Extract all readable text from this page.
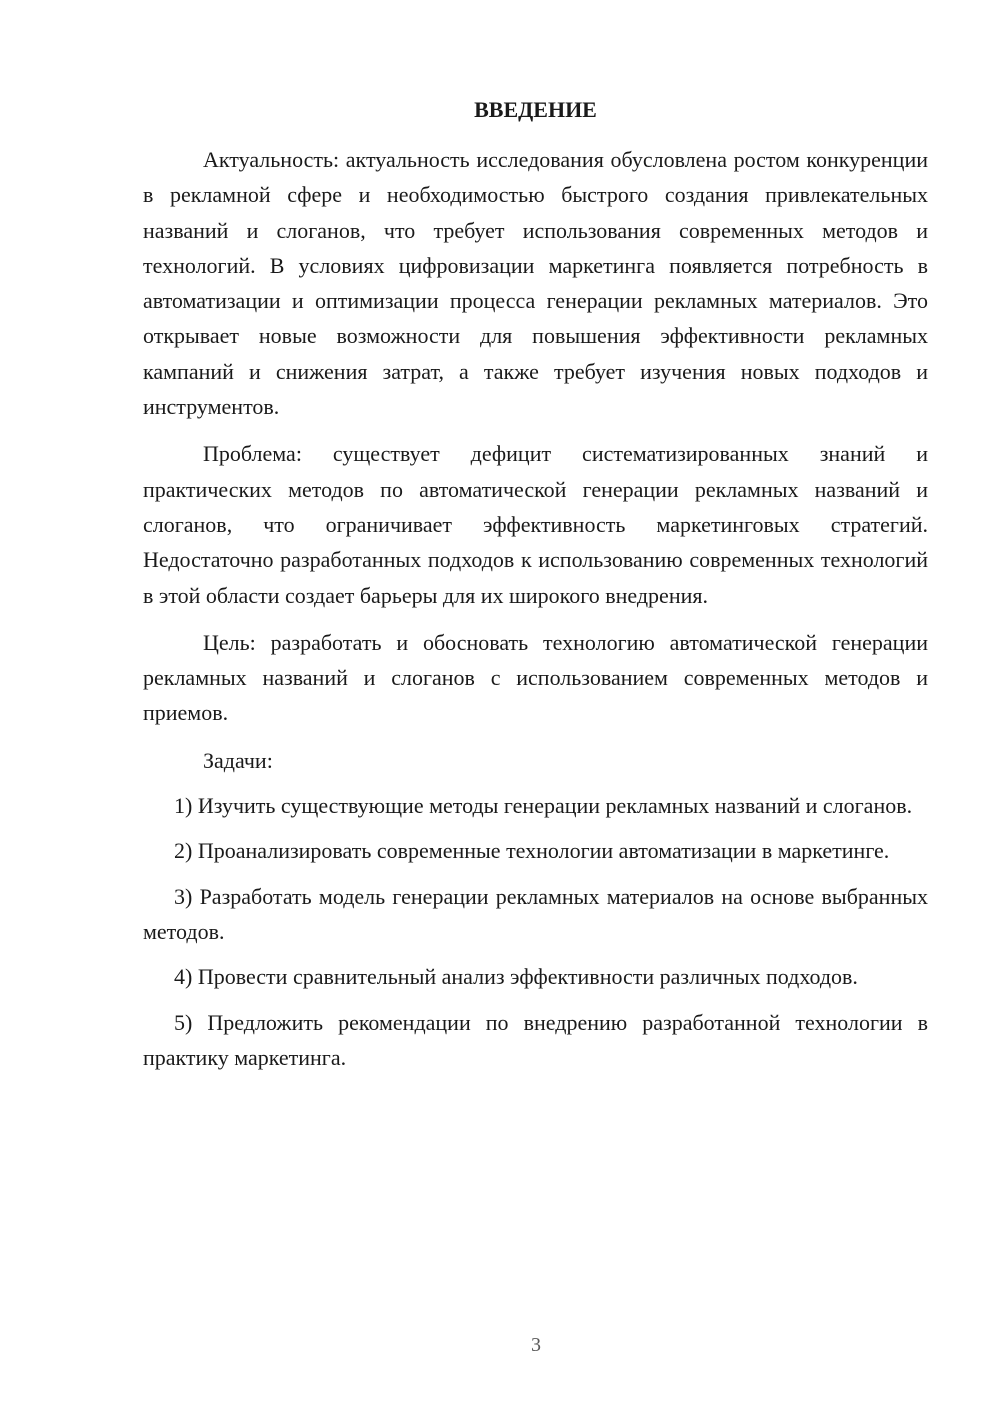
ВВЕДЕНИЕ

Актуальность: актуальность исследования обусловлена ростом конкуренции в рекламной сфере и необходимостью быстрого создания привлекательных названий и слоганов, что требует использования современных методов и технологий. В условиях цифровизации маркетинга появляется потребность в автоматизации и оптимизации процесса генерации рекламных материалов. Это открывает новые возможности для повышения эффективности рекламных кампаний и снижения затрат, а также требует изучения новых подходов и инструментов.

Проблема: существует дефицит систематизированных знаний и практических методов по автоматической генерации рекламных названий и слоганов, что ограничивает эффективность маркетинговых стратегий. Недостаточно разработанных подходов к использованию современных технологий в этой области создает барьеры для их широкого внедрения.

Цель: разработать и обосновать технологию автоматической генерации рекламных названий и слоганов с использованием современных методов и приемов.

Задачи:

1) Изучить существующие методы генерации рекламных названий и слоганов.

2) Проанализировать современные технологии автоматизации в маркетинге.

3) Разработать модель генерации рекламных материалов на основе выбранных методов.

4) Провести сравнительный анализ эффективности различных подходов.

5) Предложить рекомендации по внедрению разработанной технологии в практику маркетинга.

3
